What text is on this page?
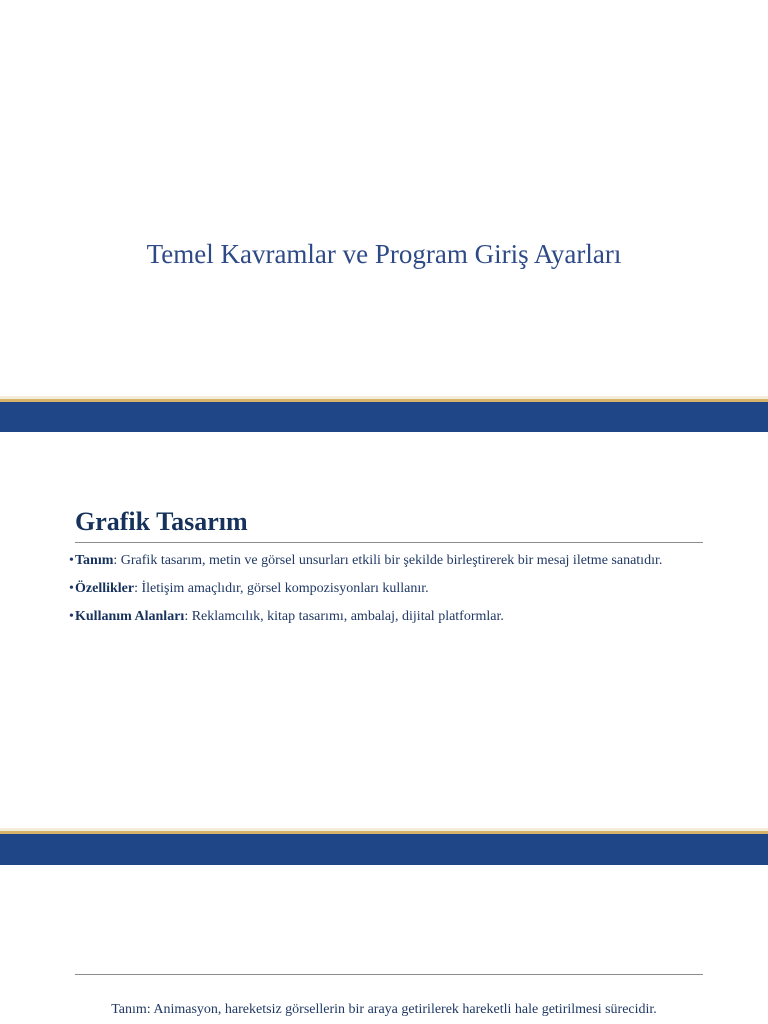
Temel Kavramlar ve Program Giriş Ayarları
Grafik Tasarım
• Tanım: Grafik tasarım, metin ve görsel unsurları etkili bir şekilde birleştirerek bir mesaj iletme sanatıdır.
• Özellikler: İletişim amaçlıdır, görsel kompozisyonları kullanır.
• Kullanım Alanları: Reklamcılık, kitap tasarımı, ambalaj, dijital platformlar.
Tanım: Animasyon, hareketsiz görsellerin bir araya getirilerek hareketli hale getirilmesi sürecidir.
